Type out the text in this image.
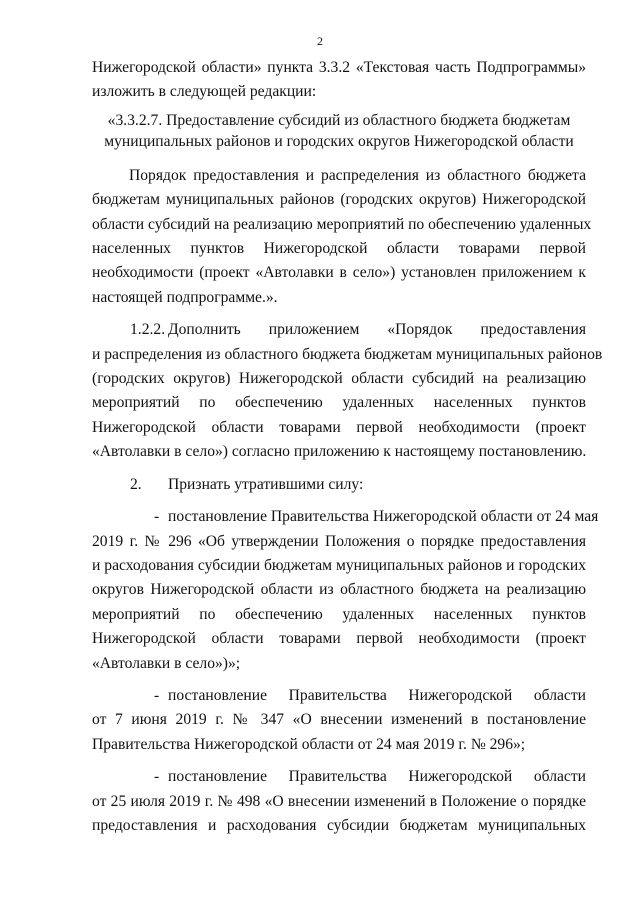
2

Нижегородской области» пункта 3.3.2 «Текстовая часть Подпрограммы»

изложить в следующей редакции:

«3.3.2.7. Предоставление субсидий из областного бюджета бюджетам

муниципальных районов и городских округов Нижегородской области

Порядок предоставления и распределения из областного бюджета

бюджетам муниципальных районов (городских округов) Нижегородской

области субсидий на реализацию мероприятий по обеспечению удаленных

населенных пунктов Нижегородской области товарами первой

необходимости (проект «Автолавки в село») установлен приложением к

настоящей подпрограмме.».

1.2.2. Дополнить приложением «Порядок предоставления

и распределения из областного бюджета бюджетам муниципальных районов

(городских округов) Нижегородской области субсидий на реализацию

мероприятий по обеспечению удаленных населенных пунктов

Нижегородской области товарами первой необходимости (проект

«Автолавки в село») согласно приложению к настоящему постановлению.

2.	Признать утратившими силу:
- постановление Правительства Нижегородской области от 24 мая

2019 г. № 296 «Об утверждении Положения о порядке предоставления

и расходования субсидии бюджетам муниципальных районов и городских

округов Нижегородской области из областного бюджета на реализацию

мероприятий по обеспечению удаленных населенных пунктов

Нижегородской области товарами первой необходимости (проект

«Автолавки в село»)»;

- постановление Правительства Нижегородской области

от 7 июня 2019 г. № 347 «О внесении изменений в постановление

Правительства Нижегородской области от 24 мая 2019 г. № 296»;

- постановление Правительства Нижегородской области

от 25 июля 2019 г. № 498 «О внесении изменений в Положение о порядке

предоставления и расходования субсидии бюджетам муниципальных
